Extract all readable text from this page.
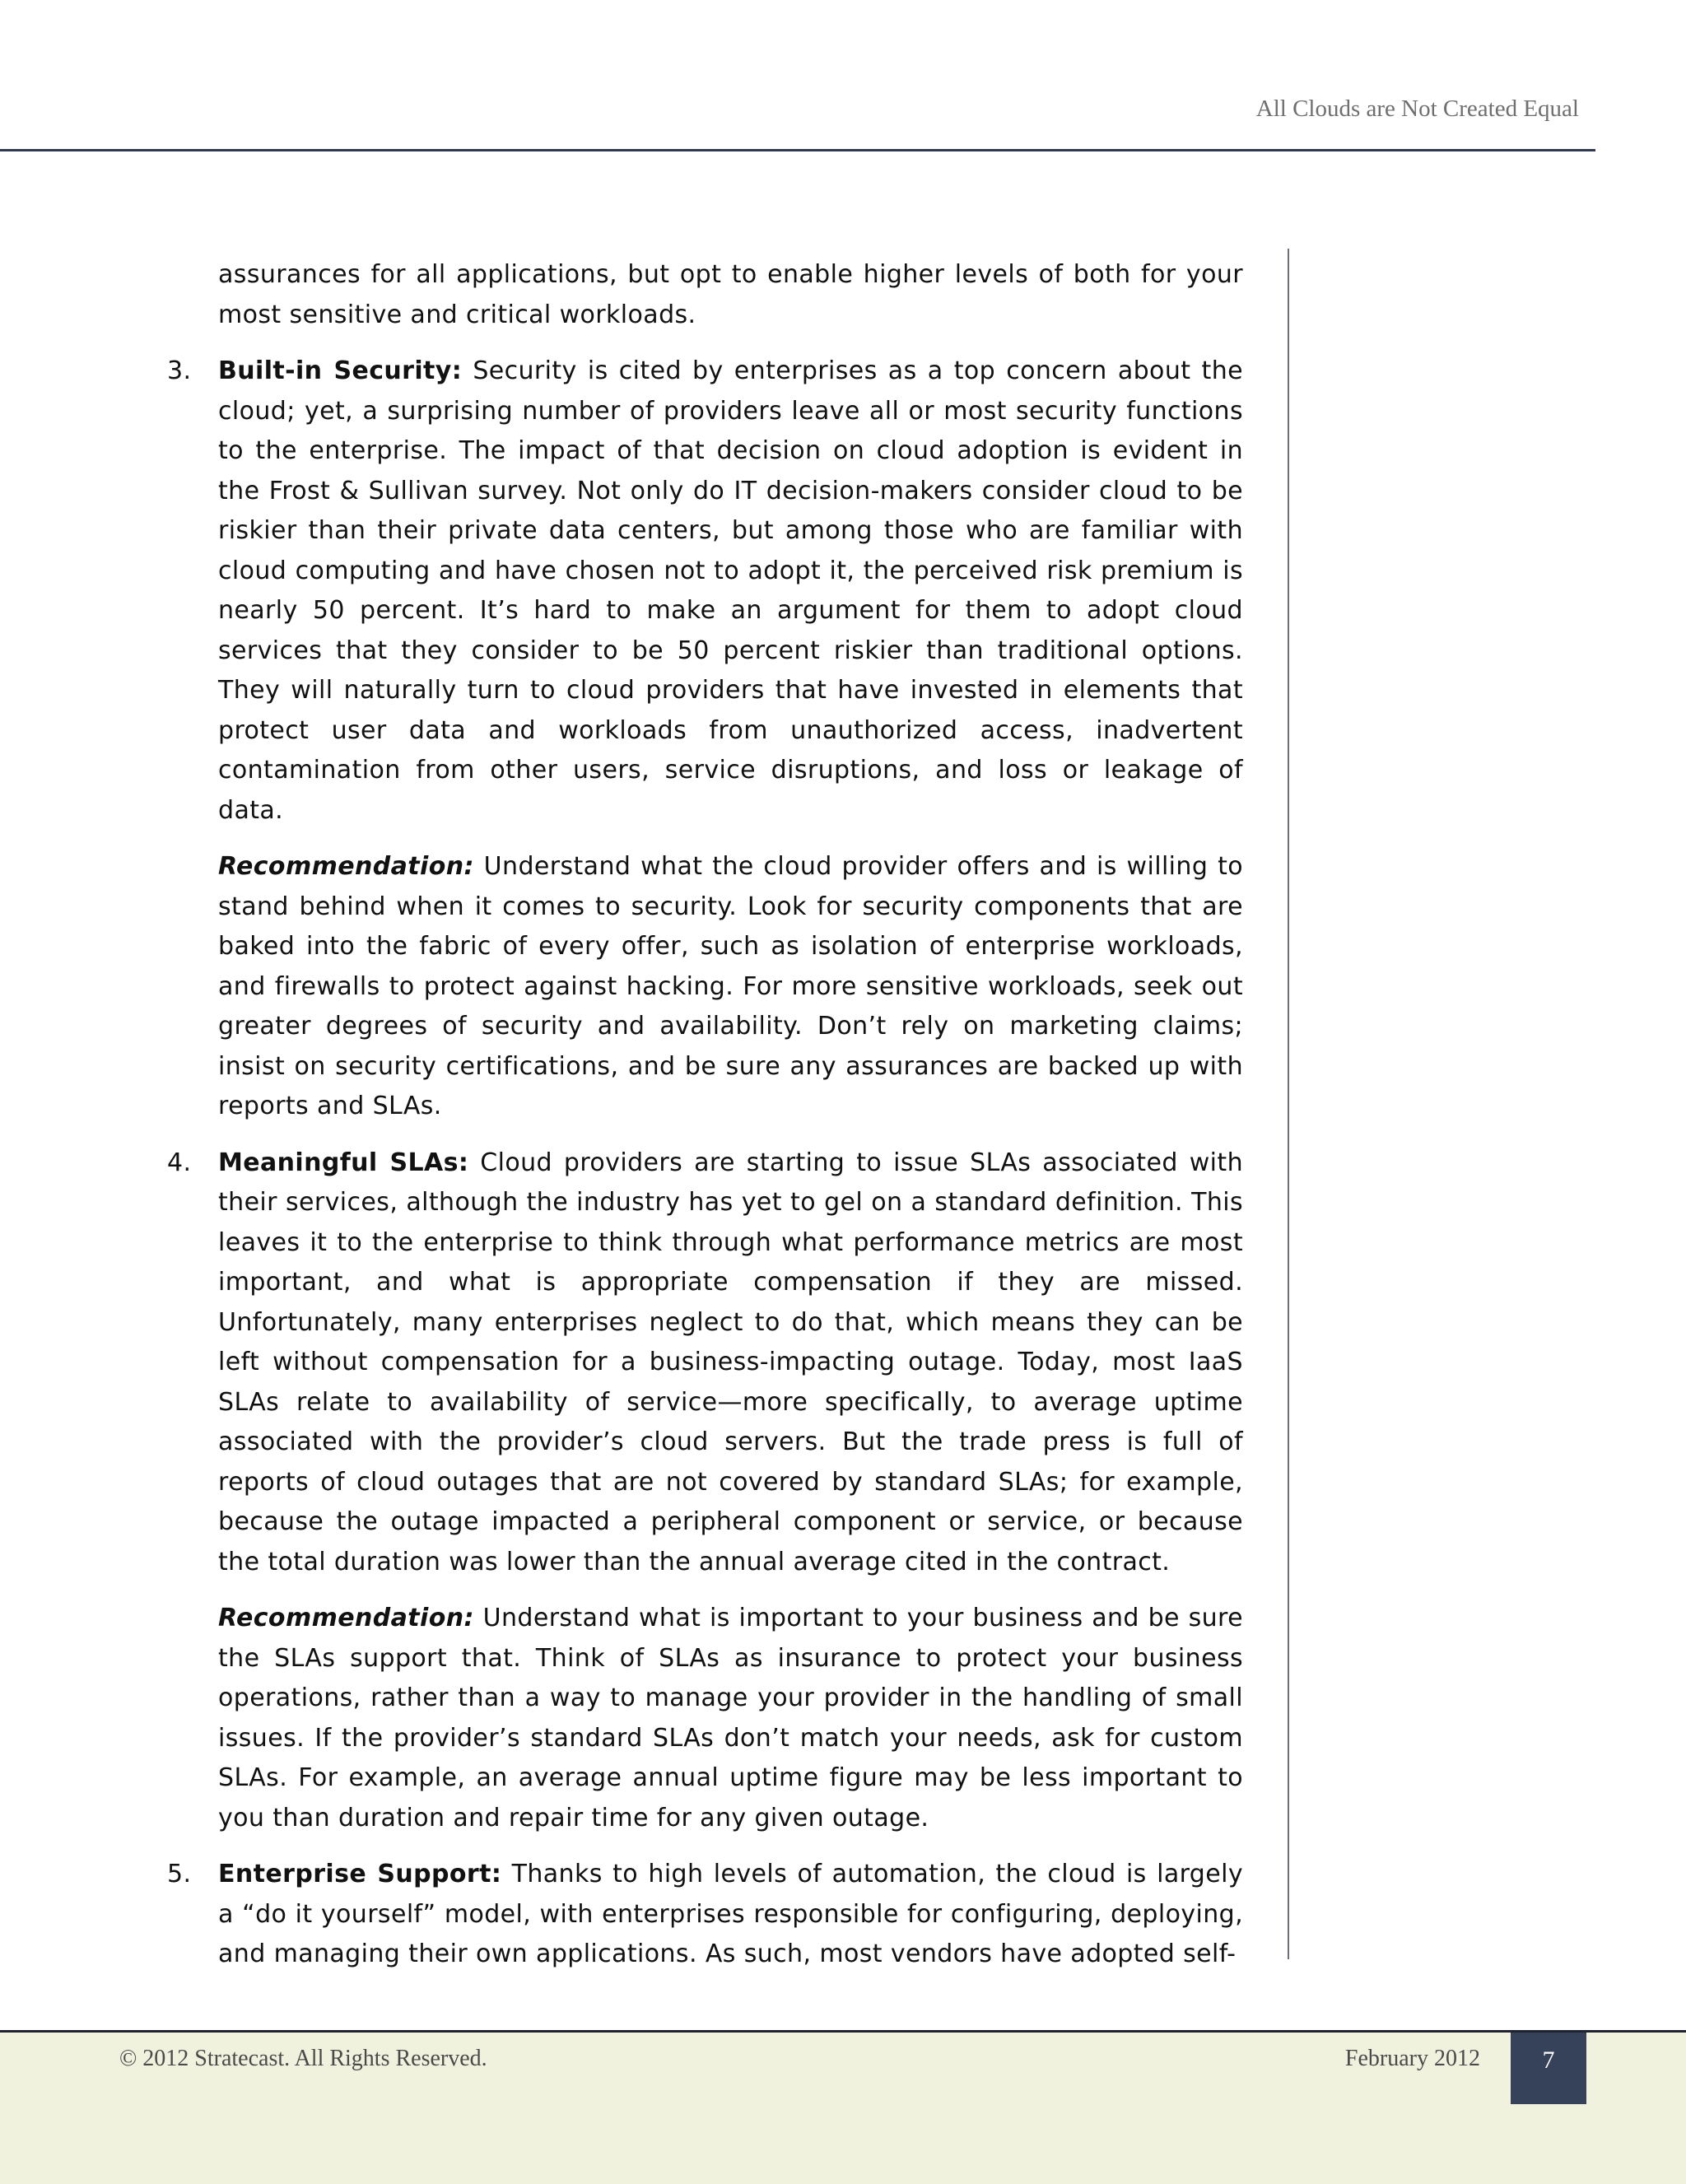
All Clouds are Not Created Equal

assurances for all applications, but opt to enable higher levels of both for your most sensitive and critical workloads.

3. Built-in Security: Security is cited by enterprises as a top concern about the cloud; yet, a surprising number of providers leave all or most security functions to the enterprise. The impact of that decision on cloud adoption is evident in the Frost & Sullivan survey. Not only do IT decision-makers consider cloud to be riskier than their private data centers, but among those who are familiar with cloud computing and have chosen not to adopt it, the perceived risk premium is nearly 50 percent. It’s hard to make an argument for them to adopt cloud services that they consider to be 50 percent riskier than traditional options. They will naturally turn to cloud providers that have invested in elements that protect user data and workloads from unauthorized access, inadvertent contamination from other users, service disruptions, and loss or leakage of data.

Recommendation: Understand what the cloud provider offers and is willing to stand behind when it comes to security. Look for security components that are baked into the fabric of every offer, such as isolation of enterprise workloads, and firewalls to protect against hacking. For more sensitive workloads, seek out greater degrees of security and availability. Don’t rely on marketing claims; insist on security certifications, and be sure any assurances are backed up with reports and SLAs.

4. Meaningful SLAs: Cloud providers are starting to issue SLAs associated with their services, although the industry has yet to gel on a standard definition. This leaves it to the enterprise to think through what performance metrics are most important, and what is appropriate compensation if they are missed. Unfortunately, many enterprises neglect to do that, which means they can be left without compensation for a business-impacting outage. Today, most IaaS SLAs relate to availability of service—more specifically, to average uptime associated with the provider’s cloud servers. But the trade press is full of reports of cloud outages that are not covered by standard SLAs; for example, because the outage impacted a peripheral component or service, or because the total duration was lower than the annual average cited in the contract.

Recommendation: Understand what is important to your business and be sure the SLAs support that. Think of SLAs as insurance to protect your business operations, rather than a way to manage your provider in the handling of small issues. If the provider’s standard SLAs don’t match your needs, ask for custom SLAs. For example, an average annual uptime figure may be less important to you than duration and repair time for any given outage.

5. Enterprise Support: Thanks to high levels of automation, the cloud is largely a “do it yourself” model, with enterprises responsible for configuring, deploying, and managing their own applications. As such, most vendors have adopted self-

© 2012 Stratecast. All Rights Reserved.	February 2012	7
